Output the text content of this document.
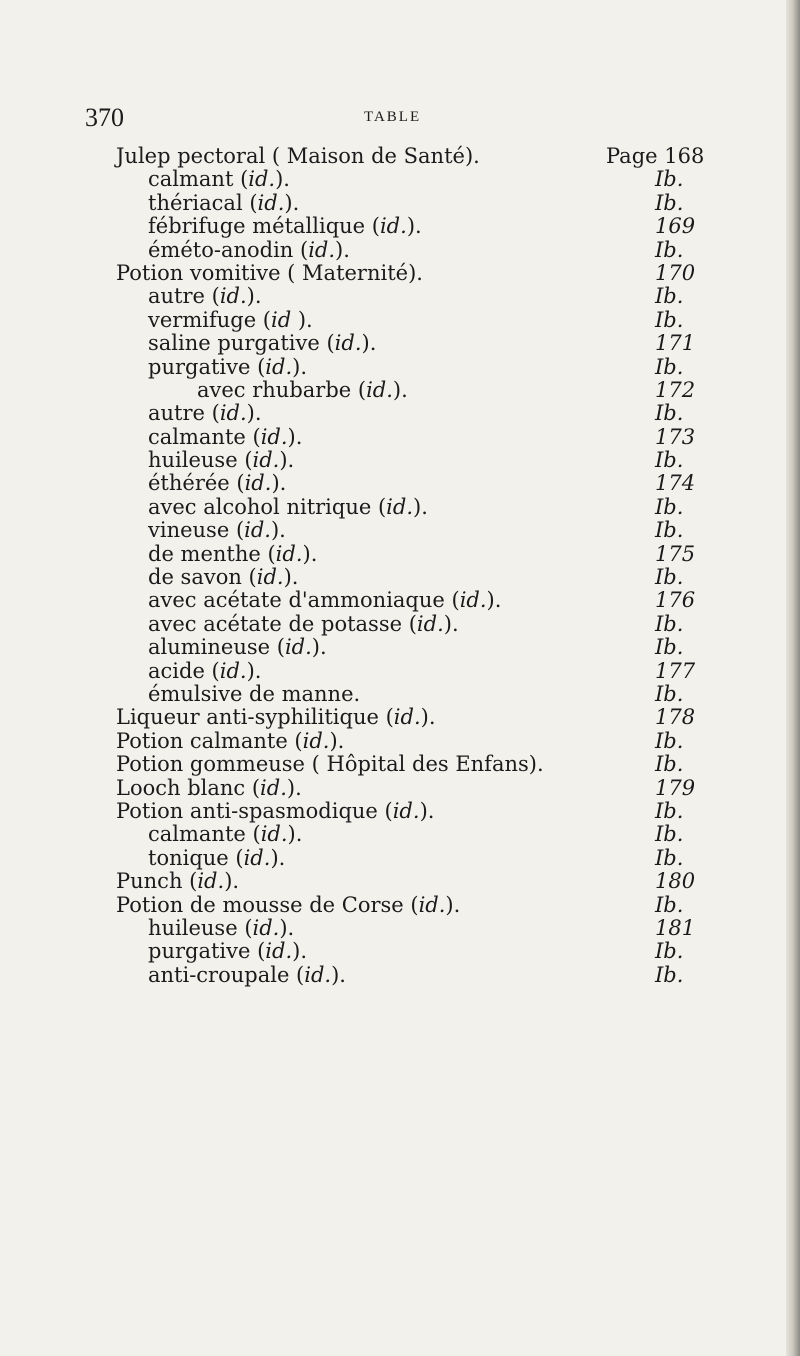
370	TABLE
Julep pectoral ( Maison de Santé).	Page 168
calmant (id.).	Ib.
thériacal (id.).	Ib.
fébrifuge métallique (id.).	169
éméto-anodin (id.).	Ib.
Potion vomitive ( Maternité).	170
autre (id.).	Ib.
vermifuge (id ).	Ib.
saline purgative (id.).	171
purgative (id.).	Ib.
avec rhubarbe (id.).	172
autre (id.).	Ib.
calmante (id.).	173
huileuse (id.).	Ib.
éthérée (id.).	174
avec alcohol nitrique (id.).	Ib.
vineuse (id.).	Ib.
de menthe (id.).	175
de savon (id.).	Ib.
avec acétate d'ammoniaque (id.).	176
avec acétate de potasse (id.).	Ib.
alumineuse (id.).	Ib.
acide (id.).	177
émulsive de manne.	Ib.
Liqueur anti-syphilitique (id.).	178
Potion calmante (id.).	Ib.
Potion gommeuse ( Hôpital des Enfans).	Ib.
Looch blanc (id.).	179
Potion anti-spasmodique (id.).	Ib.
calmante (id.).	Ib.
tonique (id.).	Ib.
Punch (id.).	180
Potion de mousse de Corse (id.).	Ib.
huileuse (id.).	181
purgative (id.).	Ib.
anti-croupale (id.).	Ib.
